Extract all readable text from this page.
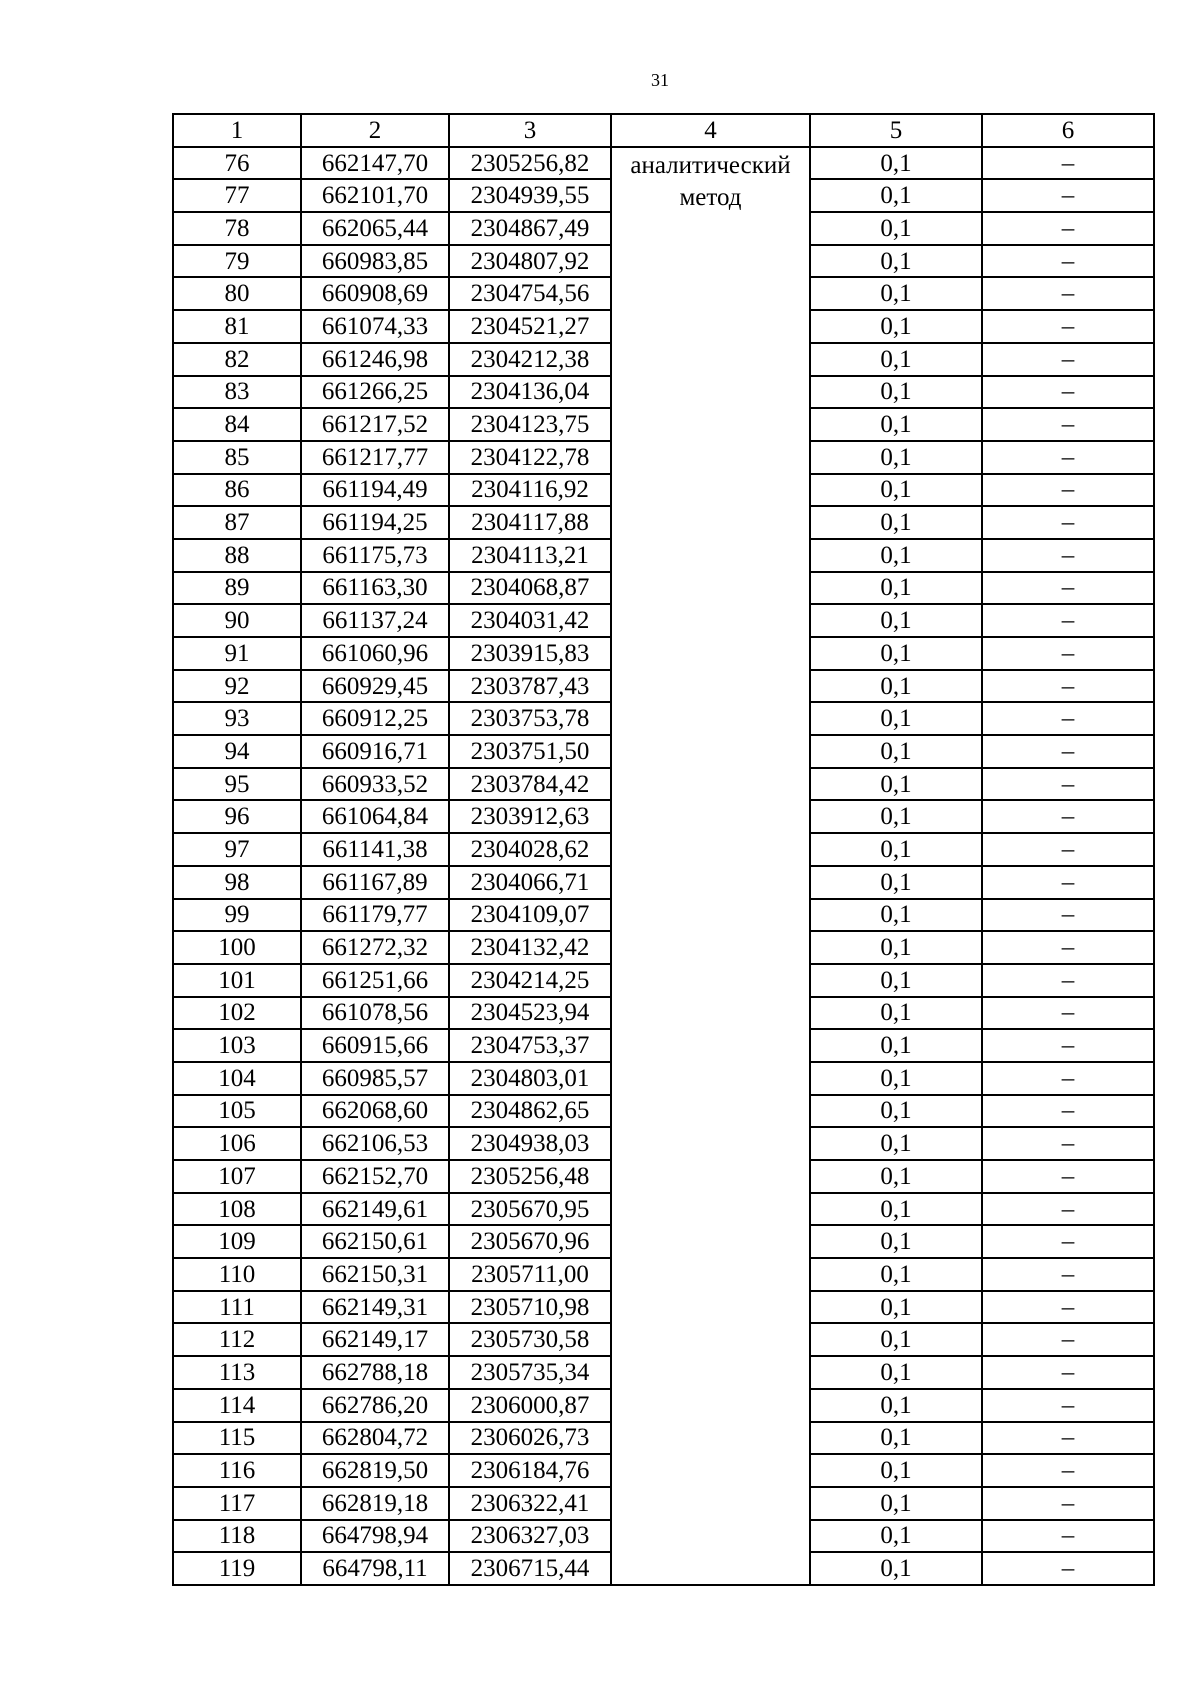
31
1	2	3	4	5	6
76	662147,70	2305256,82	аналитический метод	0,1	–
77	662101,70	2304939,55		0,1	–
78	662065,44	2304867,49		0,1	–
79	660983,85	2304807,92		0,1	–
80	660908,69	2304754,56		0,1	–
81	661074,33	2304521,27		0,1	–
82	661246,98	2304212,38		0,1	–
83	661266,25	2304136,04		0,1	–
84	661217,52	2304123,75		0,1	–
85	661217,77	2304122,78		0,1	–
86	661194,49	2304116,92		0,1	–
87	661194,25	2304117,88		0,1	–
88	661175,73	2304113,21		0,1	–
89	661163,30	2304068,87		0,1	–
90	661137,24	2304031,42		0,1	–
91	661060,96	2303915,83		0,1	–
92	660929,45	2303787,43		0,1	–
93	660912,25	2303753,78		0,1	–
94	660916,71	2303751,50		0,1	–
95	660933,52	2303784,42		0,1	–
96	661064,84	2303912,63		0,1	–
97	661141,38	2304028,62		0,1	–
98	661167,89	2304066,71		0,1	–
99	661179,77	2304109,07		0,1	–
100	661272,32	2304132,42		0,1	–
101	661251,66	2304214,25		0,1	–
102	661078,56	2304523,94		0,1	–
103	660915,66	2304753,37		0,1	–
104	660985,57	2304803,01		0,1	–
105	662068,60	2304862,65		0,1	–
106	662106,53	2304938,03		0,1	–
107	662152,70	2305256,48		0,1	–
108	662149,61	2305670,95		0,1	–
109	662150,61	2305670,96		0,1	–
110	662150,31	2305711,00		0,1	–
111	662149,31	2305710,98		0,1	–
112	662149,17	2305730,58		0,1	–
113	662788,18	2305735,34		0,1	–
114	662786,20	2306000,87		0,1	–
115	662804,72	2306026,73		0,1	–
116	662819,50	2306184,76		0,1	–
117	662819,18	2306322,41		0,1	–
118	664798,94	2306327,03		0,1	–
119	664798,11	2306715,44		0,1	–
